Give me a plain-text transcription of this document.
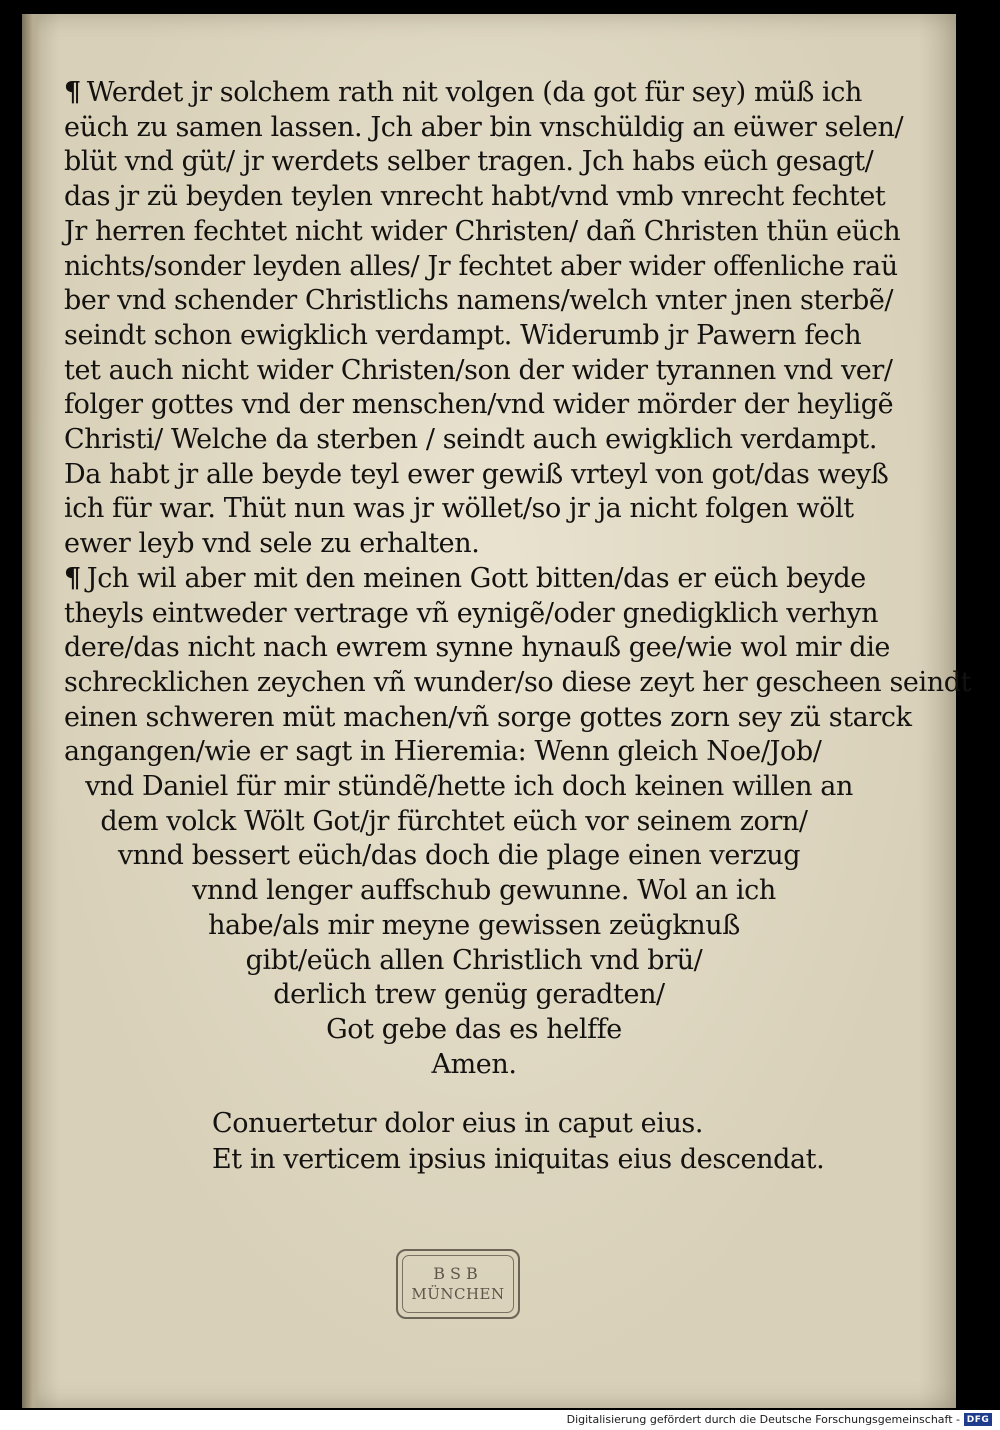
¶ Werdet jr solchem rath nit volgen (da got für sey) müß ich
eüch zu samen lassen. Jch aber bin vnschüldig an eüwer selen/
blüt vnd güt/ jr werdets selber tragen. Jch habs eüch gesagt/
das jr zü beyden teylen vnrecht habt/vnd vmb vnrecht fechtet
Jr herren fechtet nicht wider Christen/ dañ Christen thün eüch
nichts/sonder leyden alles/ Jr fechtet aber wider offenliche raü
ber vnd schender Christlichs namens/welch vnter jnen sterbẽ/
seindt schon ewigklich verdampt. Widerumb jr Pawern fech
tet auch nicht wider Christen/son der wider tyrannen vnd ver/
folger gottes vnd der menschen/vnd wider mörder der heyligẽ
Christi/ Welche da sterben / seindt auch ewigklich verdampt.
Da habt jr alle beyde teyl ewer gewiß vrteyl von got/das weyß
ich für war. Thüt nun was jr wöllet/so jr ja nicht folgen wölt
ewer leyb vnd sele zu erhalten.
¶ Jch wil aber mit den meinen Gott bitten/das er eüch beyde
theyls eintweder vertrage vñ eynigẽ/oder gnedigklich verhyn
dere/das nicht nach ewrem synne hynauß gee/wie wol mir die
schrecklichen zeychen vñ wunder/so diese zeyt her gescheen seindt
einen schweren müt machen/vñ sorge gottes zorn sey zü starck
angangen/wie er sagt in Hieremia: Wenn gleich Noe/Job/
vnd Daniel für mir stündẽ/hette ich doch keinen willen an
dem volck Wölt Got/jr fürchtet eüch vor seinem zorn/
vnnd bessert eüch/das doch die plage einen verzug
vnnd lenger auffschub gewunne. Wol an ich
habe/als mir meyne gewissen zeügknuß
gibt/eüch allen Christlich vnd brü/
derlich trew genüg geradten/
Got gebe das es helffe
Amen.
Conuertetur dolor eius in caput eius.
Et in verticem ipsius iniquitas eius descendat.
BSB
MÜNCHEN
Digitalisierung gefördert durch die Deutsche Forschungsgemeinschaft - DFG
